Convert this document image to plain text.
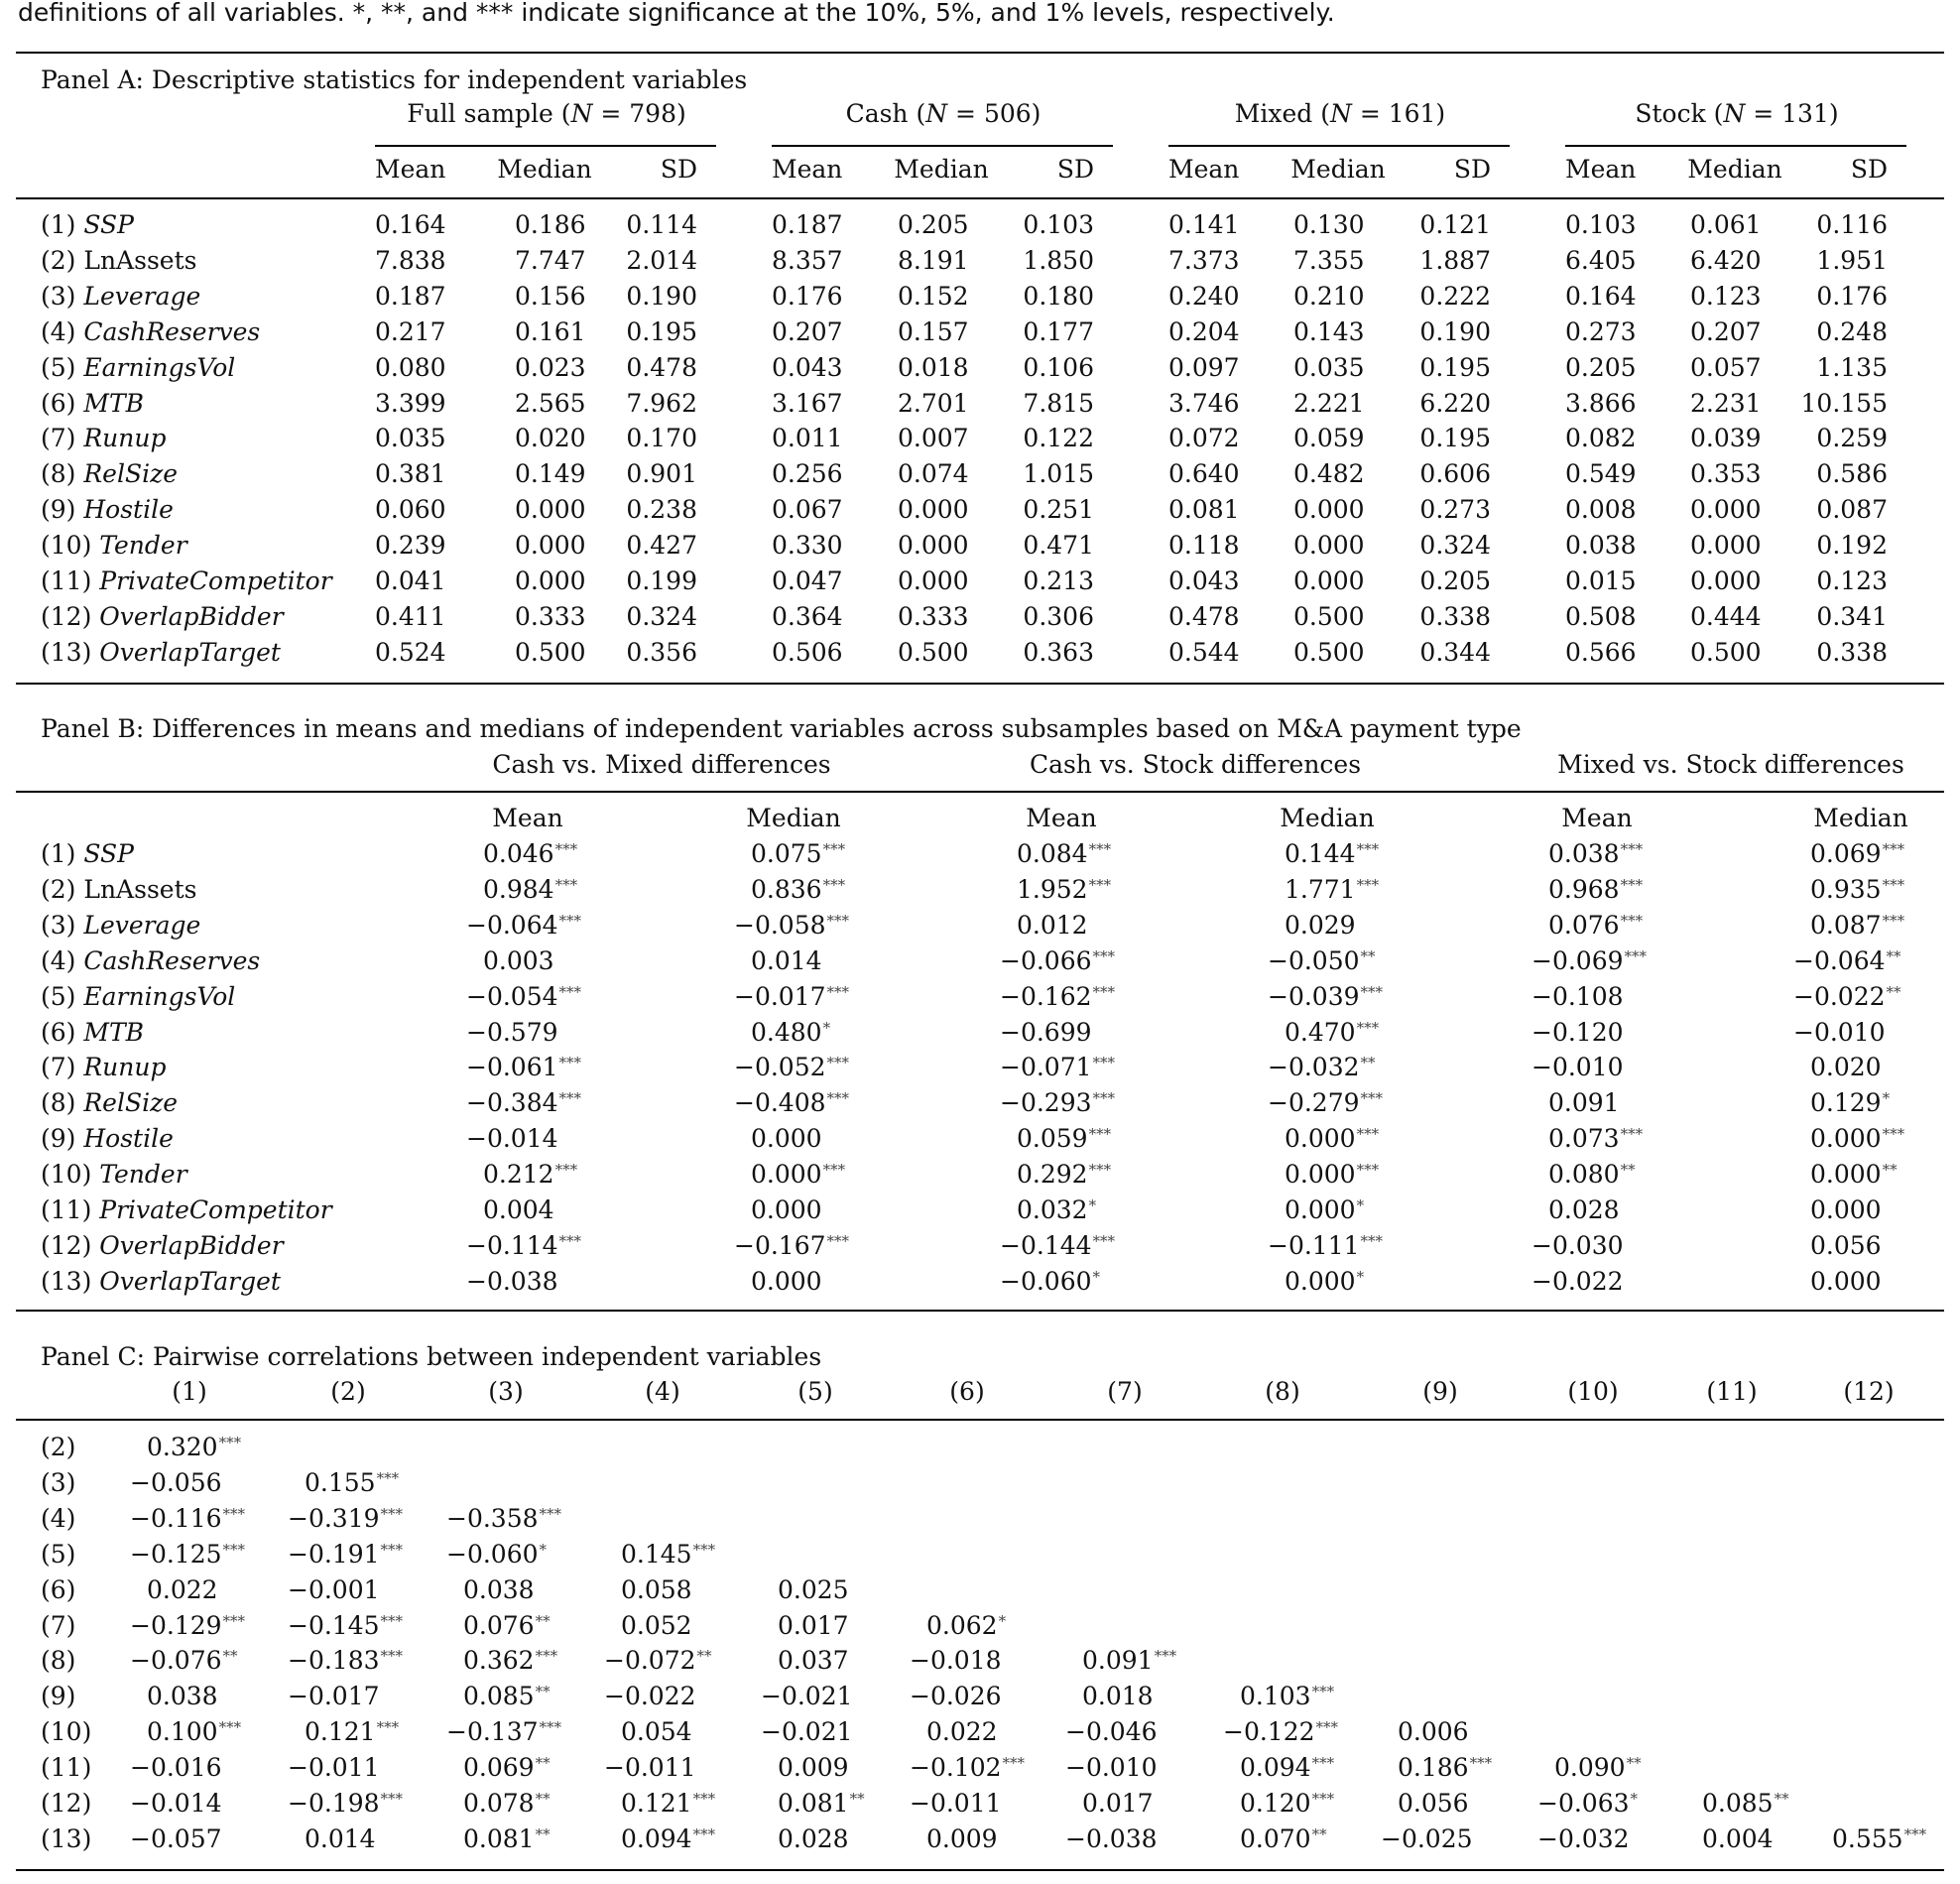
definitions of all variables. *, **, and *** indicate significance at the 10%, 5%, and 1% levels, respectively.
Panel A: Descriptive statistics for independent variables
Full sample (N = 798)	Cash (N = 506)	Mixed (N = 161)	Stock (N = 131)
Mean	Median	SD	Mean	Median	SD	Mean	Median	SD	Mean	Median	SD
(1) SSP	0.164	0.186	0.114	0.187	0.205	0.103	0.141	0.130	0.121	0.103	0.061	0.116
(2) LnAssets	7.838	7.747	2.014	8.357	8.191	1.850	7.373	7.355	1.887	6.405	6.420	1.951
(3) Leverage	0.187	0.156	0.190	0.176	0.152	0.180	0.240	0.210	0.222	0.164	0.123	0.176
(4) CashReserves	0.217	0.161	0.195	0.207	0.157	0.177	0.204	0.143	0.190	0.273	0.207	0.248
(5) EarningsVol	0.080	0.023	0.478	0.043	0.018	0.106	0.097	0.035	0.195	0.205	0.057	1.135
(6) MTB	3.399	2.565	7.962	3.167	2.701	7.815	3.746	2.221	6.220	3.866	2.231	10.155
(7) Runup	0.035	0.020	0.170	0.011	0.007	0.122	0.072	0.059	0.195	0.082	0.039	0.259
(8) RelSize	0.381	0.149	0.901	0.256	0.074	1.015	0.640	0.482	0.606	0.549	0.353	0.586
(9) Hostile	0.060	0.000	0.238	0.067	0.000	0.251	0.081	0.000	0.273	0.008	0.000	0.087
(10) Tender	0.239	0.000	0.427	0.330	0.000	0.471	0.118	0.000	0.324	0.038	0.000	0.192
(11) PrivateCompetitor 0.041	0.000	0.199	0.047	0.000	0.213	0.043	0.000	0.205	0.015	0.000	0.123
(12) OverlapBidder	0.411	0.333	0.324	0.364	0.333	0.306	0.478	0.500	0.338	0.508	0.444	0.341
(13) OverlapTarget	0.524	0.500	0.356	0.506	0.500	0.363	0.544	0.500	0.344	0.566	0.500	0.338
Panel B: Differences in means and medians of independent variables across subsamples based on M&A payment type
Cash vs. Mixed differences	Cash vs. Stock differences	Mixed vs. Stock differences
Mean	Median	Mean	Median	Mean	Median
(1) SSP	0.046***	0.075***	0.084***	0.144***	0.038***	0.069***
(2) LnAssets	0.984***	0.836***	1.952***	1.771***	0.968***	0.935***
(3) Leverage	−0.064***	−0.058***	0.012	0.029	0.076***	0.087***
(4) CashReserves	0.003	0.014	−0.066***	−0.050**	−0.069***	−0.064**
(5) EarningsVol	−0.054***	−0.017***	−0.162***	−0.039***	−0.108	−0.022**
(6) MTB	−0.579	0.480*	−0.699	0.470***	−0.120	−0.010
(7) Runup	−0.061***	−0.052***	−0.071***	−0.032**	−0.010	0.020
(8) RelSize	−0.384***	−0.408***	−0.293***	−0.279***	0.091	0.129*
(9) Hostile	−0.014	0.000	0.059***	0.000***	0.073***	0.000***
(10) Tender	0.212***	0.000***	0.292***	0.000***	0.080**	0.000**
(11) PrivateCompetitor	0.004	0.000	0.032*	0.000*	0.028	0.000
(12) OverlapBidder	−0.114***	−0.167***	−0.144***	−0.111***	−0.030	0.056
(13) OverlapTarget	−0.038	0.000	−0.060*	0.000*	−0.022	0.000
Panel C: Pairwise correlations between independent variables
(1)	(2)	(3)	(4)	(5)	(6)	(7)	(8)	(9)	(10)	(11)	(12)
(2)	0.320***
(3) −0.056	0.155***
(4) −0.116*** −0.319*** −0.358***
(5) −0.125*** −0.191*** −0.060*	0.145***
(6)	0.022	−0.001	0.038	0.058	0.025
(7) −0.129*** −0.145*** 0.076**	0.052	0.017	0.062*
(8) −0.076** −0.183*** 0.362*** −0.072**	0.037 −0.018	0.091***
(9)	0.038	−0.017	0.085** −0.022	−0.021 −0.026	0.018	0.103***
(10) 0.100***	0.121*** −0.137*** 0.054	−0.021	0.022	−0.046	−0.122*** 0.006
(11) −0.016	−0.011	0.069** −0.011	0.009 −0.102*** −0.010	0.094***	0.186***	0.090**
(12) −0.014	−0.198*** 0.078**	0.121***	0.081** −0.011	0.017	0.120***	0.056	−0.063*	0.085**
(13) −0.057	0.014	0.081**	0.094***	0.028	0.009	−0.038	0.070** −0.025	−0.032	0.004 0.555***
